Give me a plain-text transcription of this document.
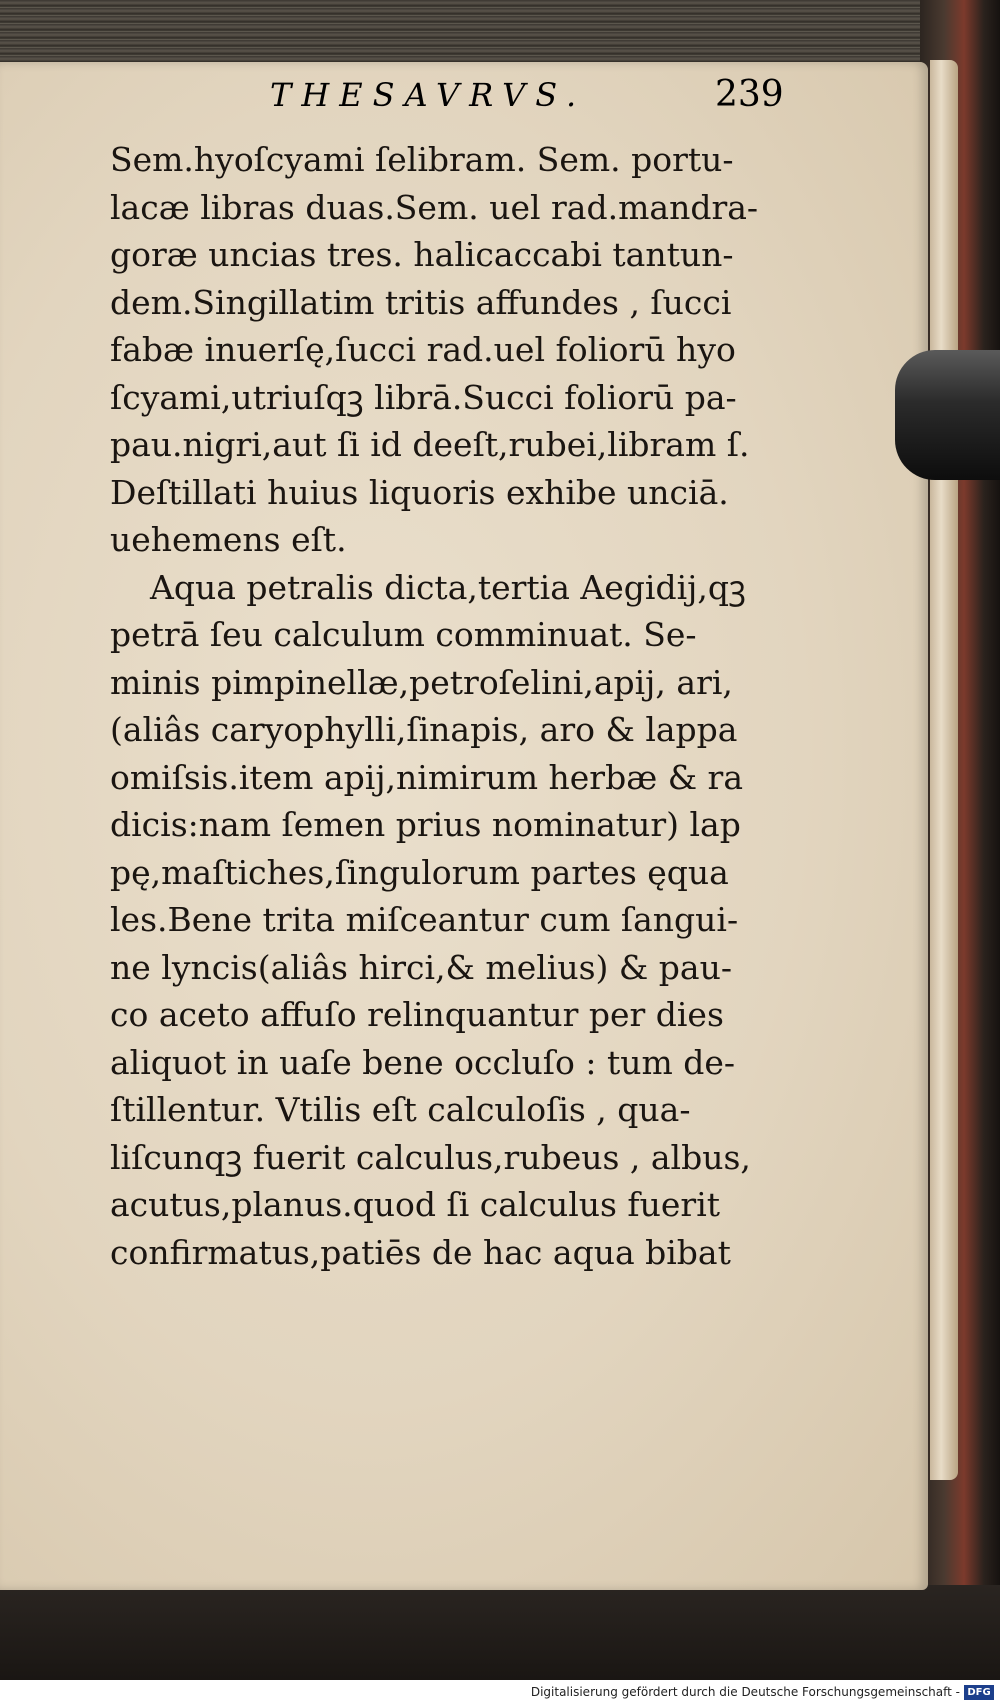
THESAVRVS.	239
Sem.hyoſcyami ſelibram. Sem. portu-
lacæ libras duas.Sem. uel rad.mandra-
goræ uncias tres. halicaccabi tantun-
dem.Singillatim tritis affundes , ſucci
fabæ inuerſę,ſucci rad.uel foliorū hyo
ſcyami,utriuſqꝫ librā.Succi foliorū pa-
pau.nigri,aut ſi id deeſt,rubei,libram ſ.
Deſtillati huius liquoris exhibe unciā.
uehemens eſt.
Aqua petralis dicta,tertia Aegidij,qꝫ
petrā ſeu calculum comminuat. Se-
minis pimpinellæ,petroſelini,apij, ari,
(aliâs caryophylli,ſinapis, aro & lappa
omiſsis.item apij,nimirum herbæ & ra
dicis:nam ſemen prius nominatur) lap
pę,maſtiches,ſingulorum partes ęqua
les.Bene trita miſceantur cum ſangui-
ne lyncis(aliâs hirci,& melius) & pau-
co aceto affuſo relinquantur per dies
aliquot in uaſe bene occluſo : tum de-
ſtillentur. Vtilis eſt calculoſis , qua-
liſcunqꝫ fuerit calculus,rubeus , albus,
acutus,planus.quod ſi calculus fuerit
confirmatus,patiēs de hac aqua bibat
Digitalisierung gefördert durch die Deutsche Forschungsgemeinschaft - DFG
